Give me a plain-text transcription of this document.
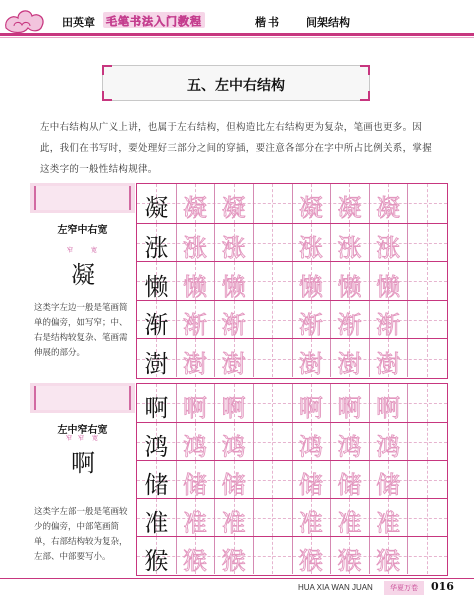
田英章 毛笔书法入门教程	楷书 间架结构
五、左中右结构

左中右结构从广义上讲，也属于左右结构，但构造比左右结构更为复杂，笔画也更多。因此，我们在书写时，要处理好三部分之间的穿插，要注意各部分在字中所占比例关系，掌握这类字的一般性结构规律。

左窄中右宽
窄	宽
凝
这类字左边一般是笔画简单的偏旁，如写窄；中、右是结构较复杂、笔画需伸展的部分。
凝 凝 凝 凝 凝 凝
涨 涨 涨 涨 涨 涨
懒 懒 懒 懒 懒 懒
渐 渐 渐 渐 渐 渐
澍 澍 澍 澍 澍 澍
左中窄右宽
窄 窄 宽
啊
这类字左部一般是笔画较少的偏旁，中部笔画简单，右部结构较为复杂，左部、中部要写小。
啊 啊 啊 啊 啊 啊
鸿 鸿 鸿 鸿 鸿 鸿
储 储 储 储 储 储
准 准 准 准 准 准
猴 猴 猴 猴 猴 猴
HUA XIA WAN JUAN	华夏万卷	016
